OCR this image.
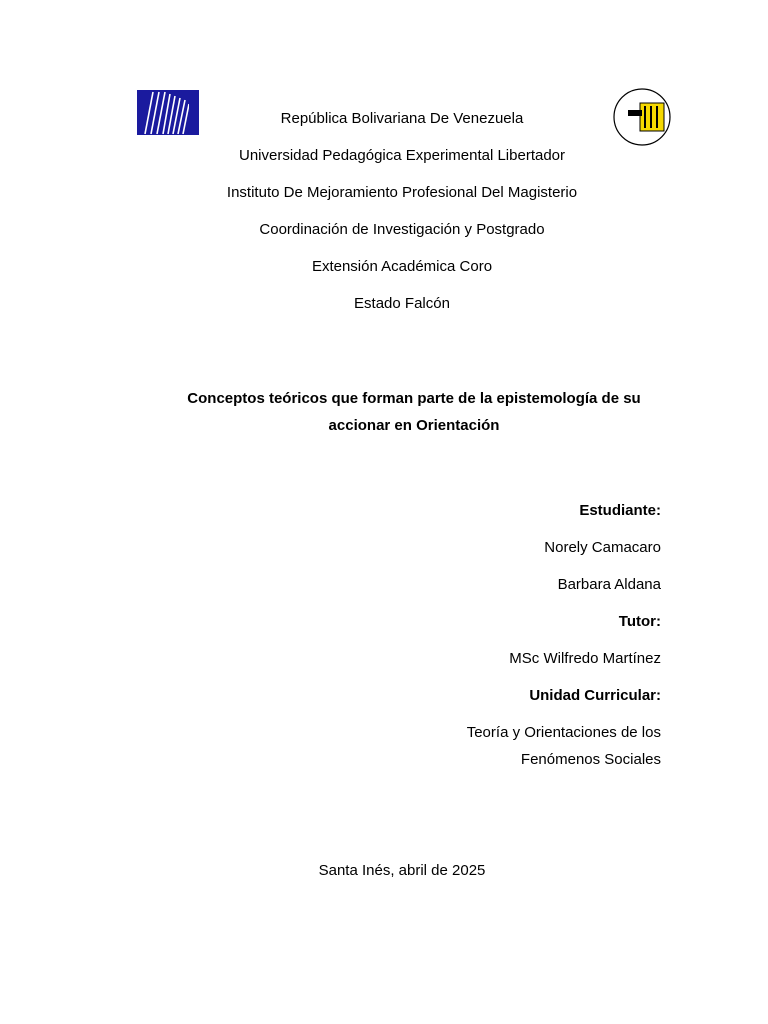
República Bolivariana De Venezuela
Universidad Pedagógica Experimental Libertador
Instituto De Mejoramiento Profesional Del Magisterio
Coordinación de Investigación y Postgrado
Extensión Académica Coro
Estado Falcón
Conceptos teóricos que forman parte de la epistemología de su
accionar en Orientación
Estudiante:
Norely Camacaro
Barbara Aldana
Tutor:
MSc Wilfredo Martínez
Unidad Curricular:
Teoría y Orientaciones de los
Fenómenos Sociales
Santa Inés, abril de 2025
